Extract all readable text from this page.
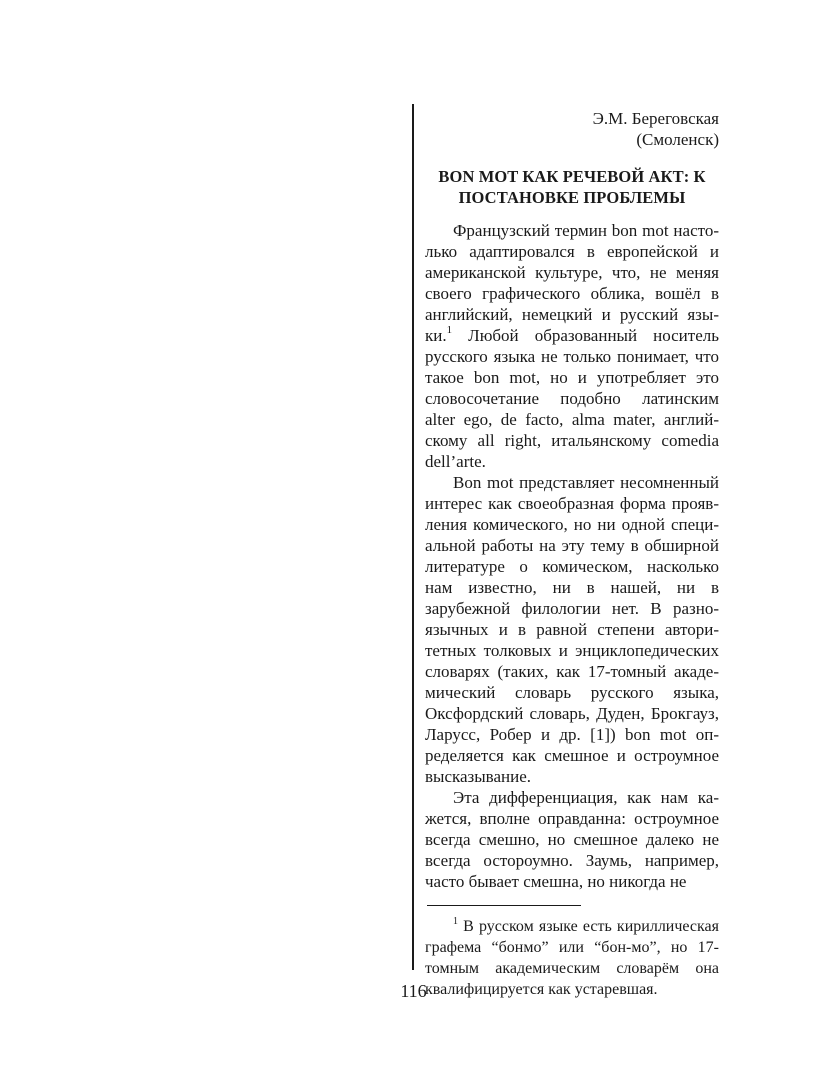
Э.М. Береговская

(Смоленск)

BON MOT КАК РЕЧЕВОЙ АКТ: К
ПОСТАНОВКЕ ПРОБЛЕМЫ

Французский термин bon mot настолько адаптировался в европейской и американской культуре, что, не меняя своего графического облика, вошёл в английский, немецкий и русский языки.$^1$ Любой образованный носитель русского языка не только понимает, что такое bon mot, но и употребляет это словосочетание подобно латинским alter ego, de facto, alma mater, английскому all right, итальянскому comedia dell’arte.

Bon mot представляет несомненный интерес как своеобразная форма проявления комического, но ни одной специальной работы на эту тему в обширной литературе о комическом, насколько нам известно, ни в нашей, ни в зарубежной филологии нет. В разноязычных и в равной степени авторитетных толковых и энциклопедических словарях (таких, как 17-томный академический словарь русского языка, Оксфордский словарь, Дуден, Брокгауз, Ларусс, Робер и др. [1]) bon mot определяется как смешное и остроумное высказывание.

Эта дифференциация, как нам кажется, вполне оправданна: остроумное всегда смешно, но смешное далеко не всегда остороумно. Заумь, например, часто бывает смешна, но никогда не

$^1$ В русском языке есть кириллическая графема “бонмо” или “бон-мо”, но 17-томным академическим словарём она квалифицируется как устаревшая.

116
